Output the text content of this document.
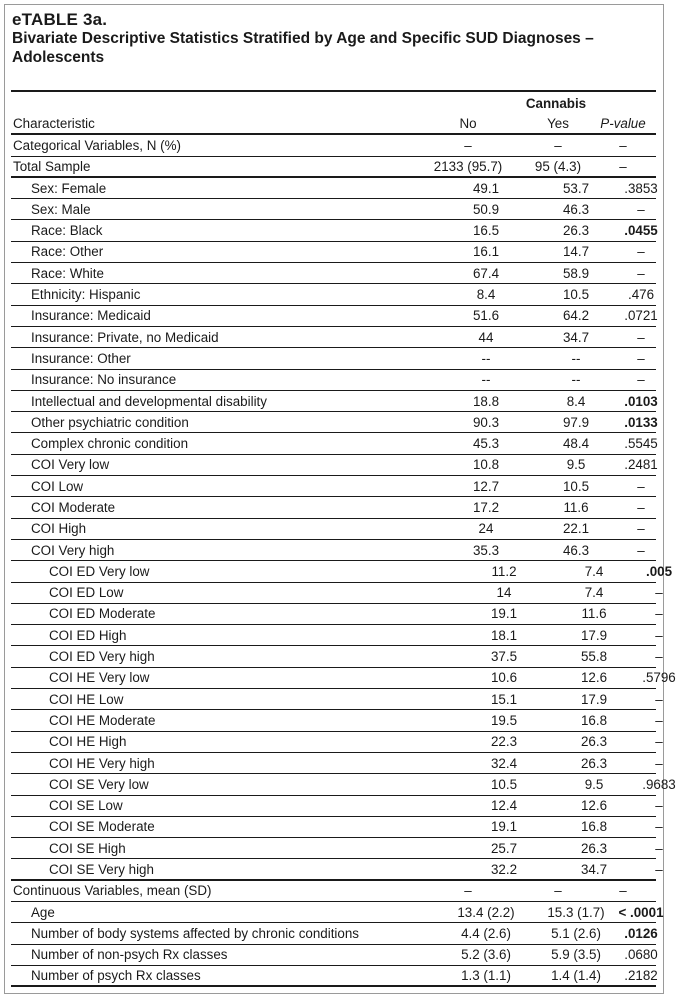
eTABLE 3a.
Bivariate Descriptive Statistics Stratified by Age and Specific SUD Diagnoses –
Adolescents
Cannabis
Characteristic	No	Yes	P-value
Categorical Variables, N (%)	–	–	–
Total Sample	2133 (95.7)	95 (4.3)	–
Sex: Female	49.1	53.7	.3853
Sex: Male	50.9	46.3	–
Race: Black	16.5	26.3	.0455
Race: Other	16.1	14.7	–
Race: White	67.4	58.9	–
Ethnicity: Hispanic	8.4	10.5	.476
Insurance: Medicaid	51.6	64.2	.0721
Insurance: Private, no Medicaid	44	34.7	–
Insurance: Other	--	--	–
Insurance: No insurance	--	--	–
Intellectual and developmental disability	18.8	8.4	.0103
Other psychiatric condition	90.3	97.9	.0133
Complex chronic condition	45.3	48.4	.5545
COI Very low	10.8	9.5	.2481
COI Low	12.7	10.5	–
COI Moderate	17.2	11.6	–
COI High	24	22.1	–
COI Very high	35.3	46.3	–
COI ED Very low	11.2	7.4	.005
COI ED Low	14	7.4	–
COI ED Moderate	19.1	11.6	–
COI ED High	18.1	17.9	–
COI ED Very high	37.5	55.8	–
COI HE Very low	10.6	12.6	.5796
COI HE Low	15.1	17.9	–
COI HE Moderate	19.5	16.8	–
COI HE High	22.3	26.3	–
COI HE Very high	32.4	26.3	–
COI SE Very low	10.5	9.5	.9683
COI SE Low	12.4	12.6	–
COI SE Moderate	19.1	16.8	–
COI SE High	25.7	26.3	–
COI SE Very high	32.2	34.7	–
Continuous Variables, mean (SD)	–	–	–
Age	13.4 (2.2)	15.3 (1.7)	< .0001
Number of body systems affected by chronic conditions	4.4 (2.6)	5.1 (2.6)	.0126
Number of non-psych Rx classes	5.2 (3.6)	5.9 (3.5)	.0680
Number of psych Rx classes	1.3 (1.1)	1.4 (1.4)	.2182
